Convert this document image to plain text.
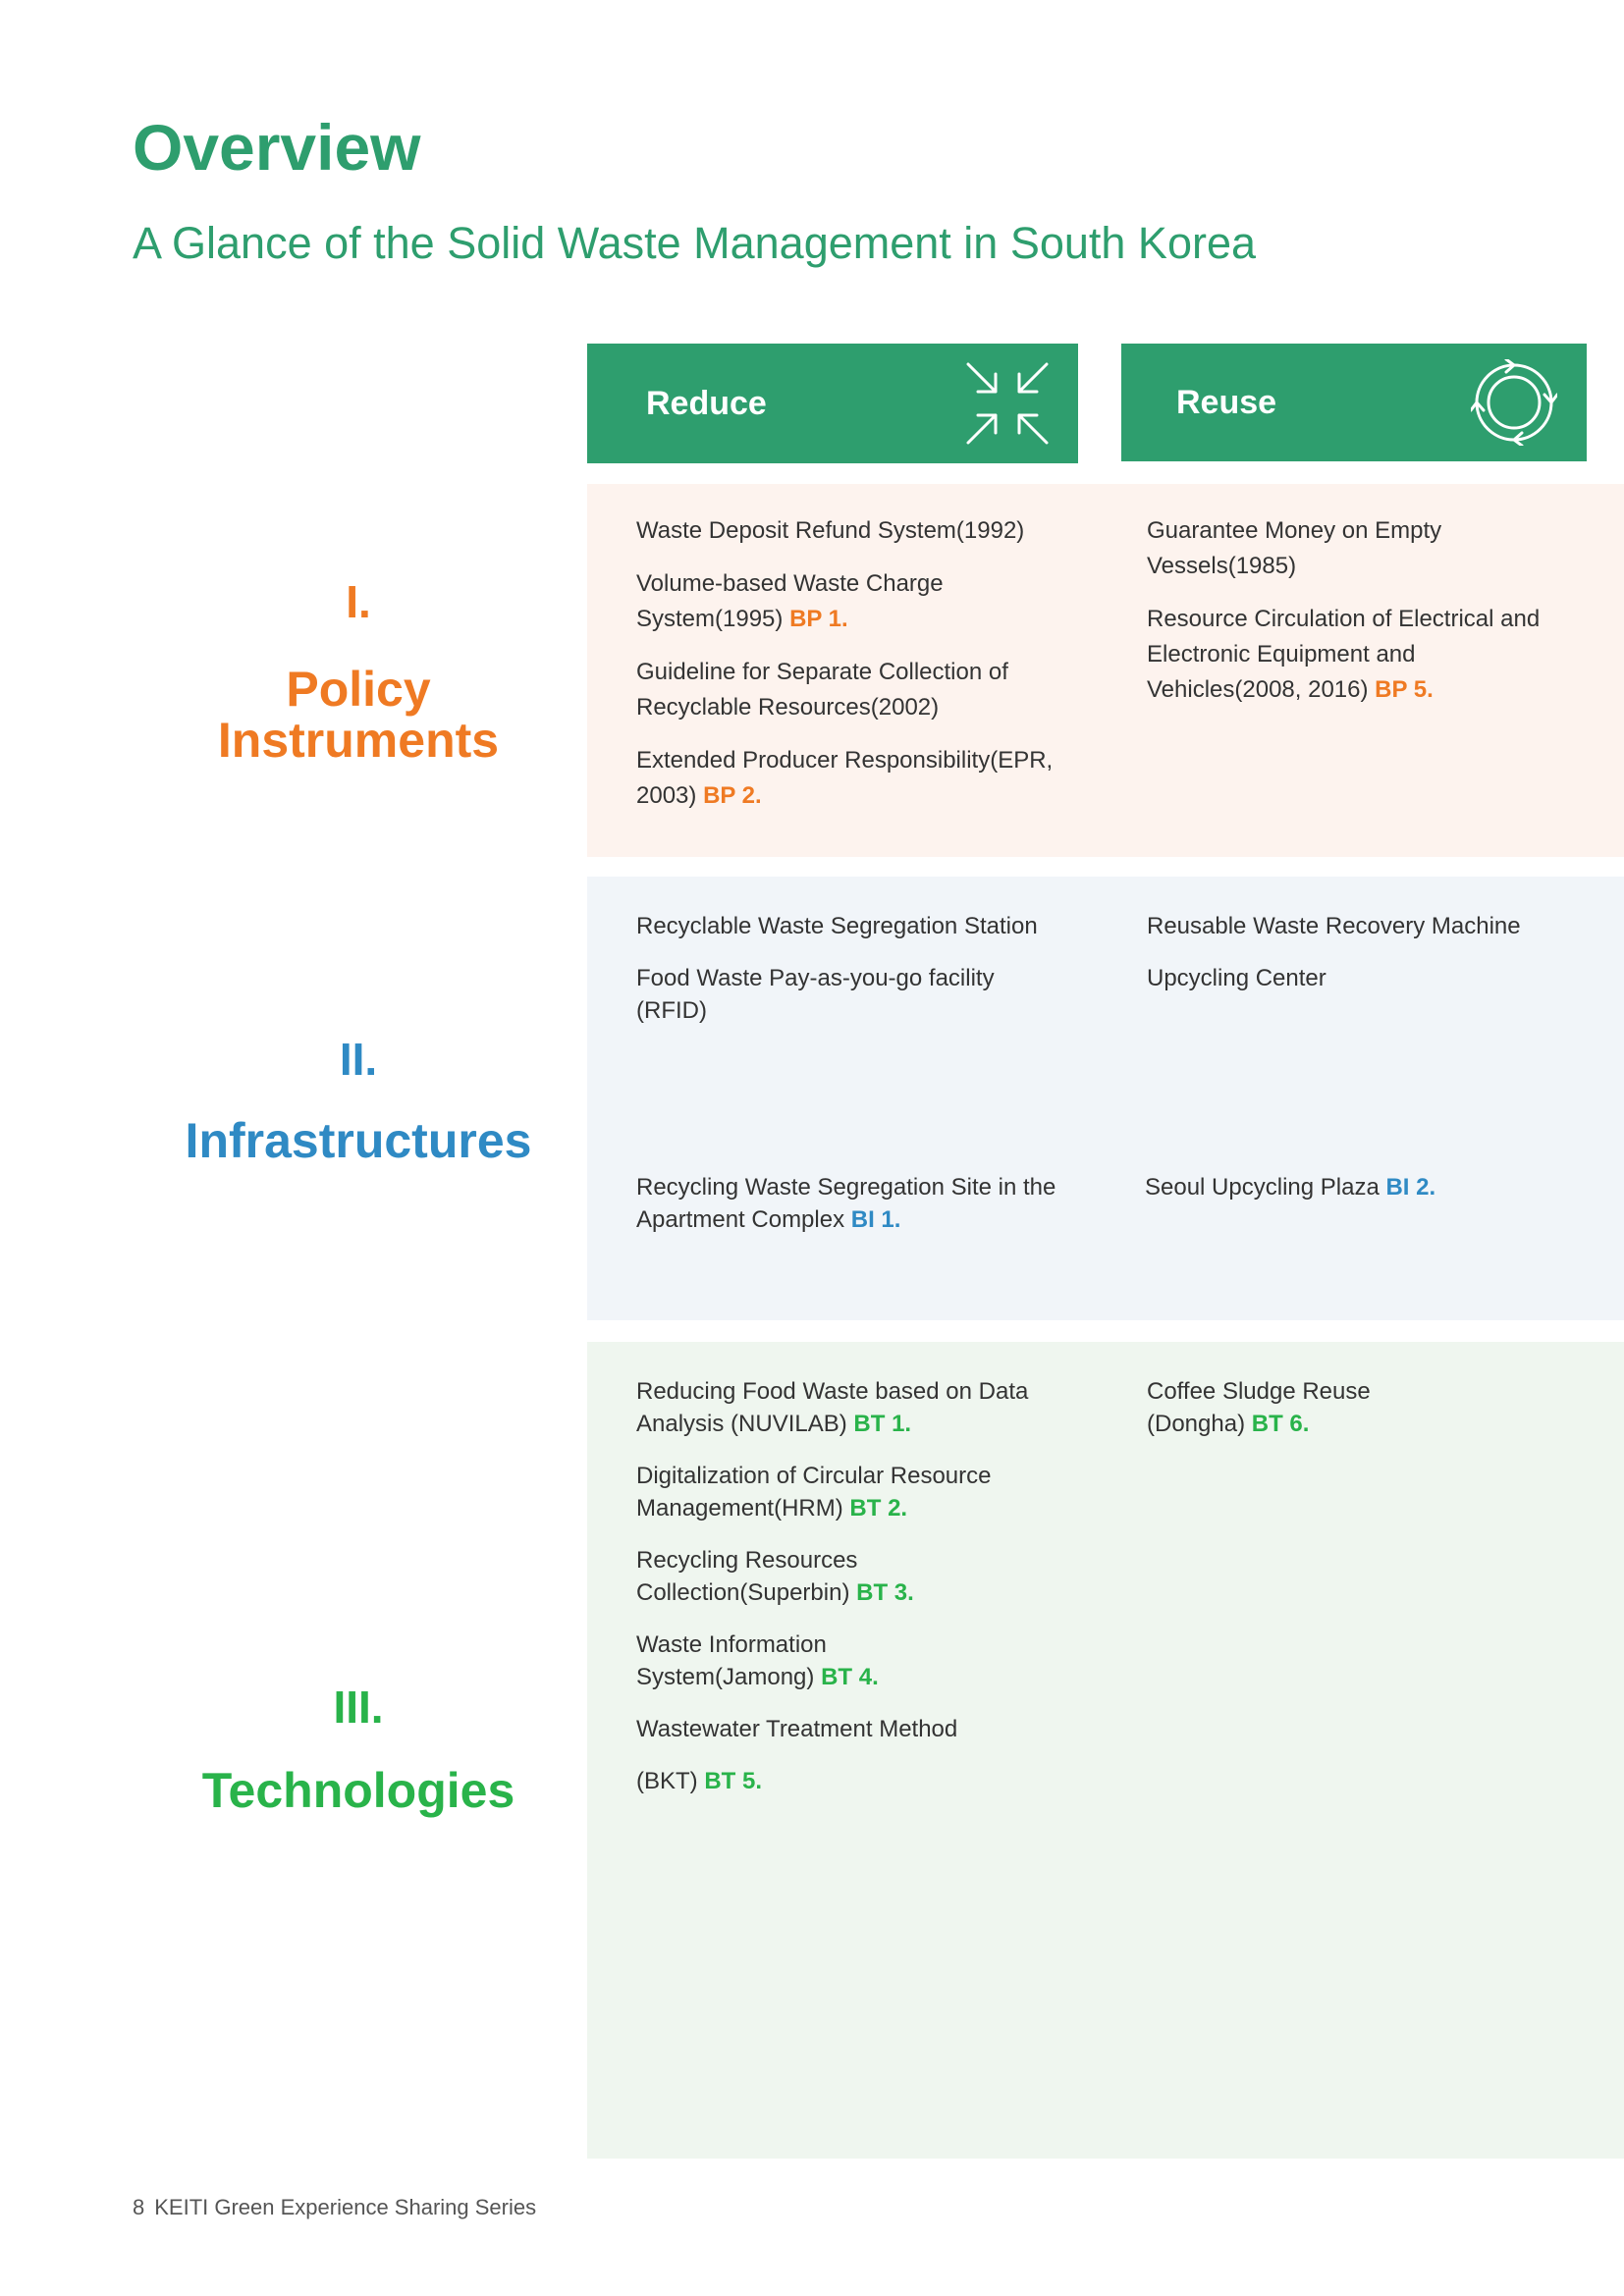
Overview
A Glance of the Solid Waste Management in South Korea
Reduce	Reuse

I.

Policy Instruments

Waste Deposit Refund System(1992)
Volume-based Waste Charge System(1995) BP 1.
Guideline for Separate Collection of Recyclable Resources(2002)
Extended Producer Responsibility(EPR, 2003) BP 2.
Guarantee Money on Empty Vessels(1985)
Resource Circulation of Electrical and Electronic Equipment and Vehicles(2008, 2016) BP 5.

II.

Infrastructures

Recyclable Waste Segregation Station
Food Waste Pay-as-you-go facility (RFID)
Recycling Waste Segregation Site in the Apartment Complex BI 1.
Reusable Waste Recovery Machine
Upcycling Center
Seoul Upcycling Plaza BI 2.

III.

Technologies

Reducing Food Waste based on Data Analysis (NUVILAB) BT 1.
Digitalization of Circular Resource Management(HRM) BT 2.
Recycling Resources Collection(Superbin) BT 3.
Waste Information System(Jamong) BT 4.
Wastewater Treatment Method
(BKT) BT 5.
Coffee Sludge Reuse (Dongha) BT 6.
8 KEITI Green Experience Sharing Series
